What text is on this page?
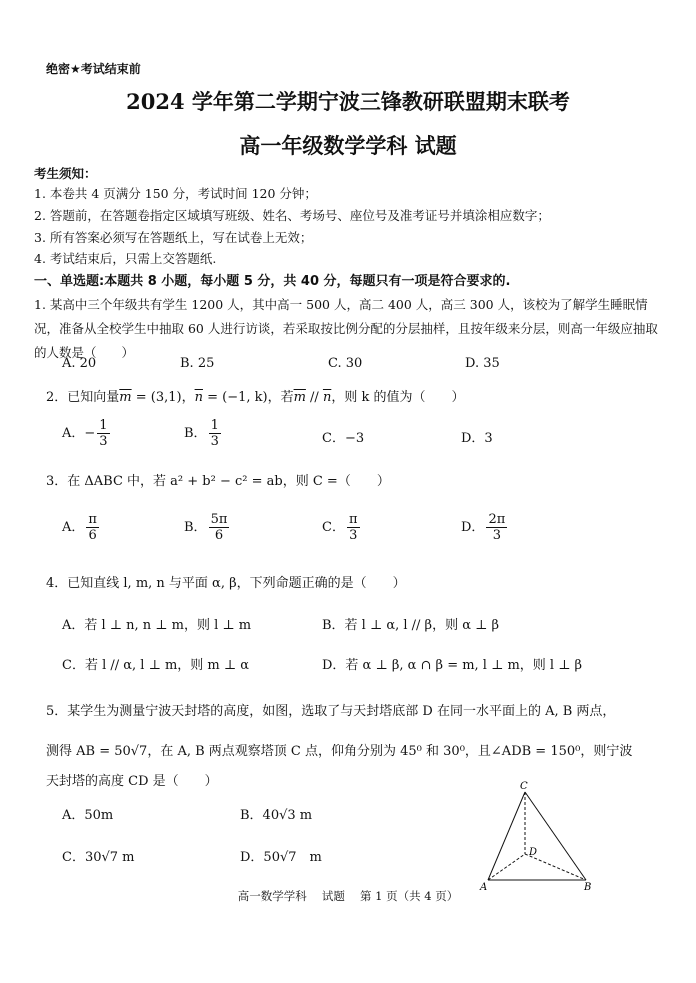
绝密★考试结束前
2024 学年第二学期宁波三锋教研联盟期末联考
高一年级数学学科 试题
考生须知：
1. 本卷共 4 页满分 150 分，考试时间 120 分钟；
2. 答题前，在答题卷指定区域填写班级、姓名、考场号、座位号及准考证号并填涂相应数字；
3. 所有答案必须写在答题纸上，写在试卷上无效；
4. 考试结束后，只需上交答题纸.
一、单选题:本题共 8 小题，每小题 5 分，共 40 分，每题只有一项是符合要求的.
1. 某高中三个年级共有学生 1200 人，其中高一 500 人，高二 400 人，高三 300 人，该校为了解学生睡眠情况，准备从全校学生中抽取 60 人进行访谈，若采取按比例分配的分层抽样，且按年级来分层，则高一年级应抽取的人数是（　　）
A. 20	B. 25	C. 30	D. 35
2．已知向量$\overline{m} = (3,1)$，$\overline{n} = (-1$, k)，若$\overline{m} // \overline{n}$，则 k 的值为（　　）
A．− $\frac{1}{3}$	B． $\frac{1}{3}$	C．−3	D．3
3．在 ΔABC 中，若 a² + b² − c² = ab，则 C =（　　）
A． $\frac{\pi}{6}$	B． $\frac{5\pi}{6}$	C． $\frac{\pi}{3}$	D． $\frac{2\pi}{3}$
4．已知直线 l, m, n 与平面 α, β，下列命题正确的是（　　）
A．若 l ⊥ n, n ⊥ m，则 l ⊥ m	B．若 l ⊥ α, l // β，则 α ⊥ β
C．若 l // α, l ⊥ m，则 m ⊥ α	D．若 α ⊥ β, α ∩ β = m, l ⊥ m，则 l ⊥ β
5．某学生为测量宁波天封塔的高度，如图，选取了与天封塔底部 D 在同一水平面上的 A, B 两点，
测得 AB = 50√7，在 A, B 两点观察塔顶 C 点，仰角分别为 45⁰ 和 30⁰，且∠ADB = 150⁰，则宁波
天封塔的高度 CD 是（　　）
A．50m	B．40√3 m
C．30√7 m	D．50√7　m
C
D
A	B
高一数学学科　 试题　 第 1 页（共 4 页）
